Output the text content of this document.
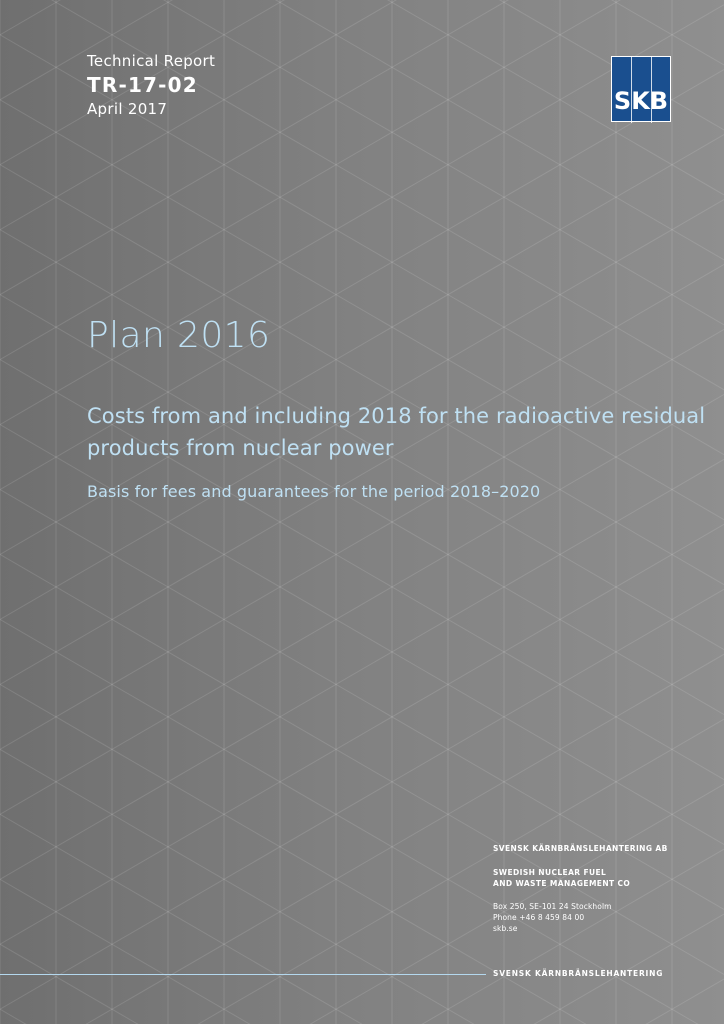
Technical Report
TR-17-02
April 2017	SKB
Plan 2016
Costs from and including 2018 for the radioactive residual products from nuclear power
Basis for fees and guarantees for the period 2018–2020
SVENSK KÄRNBRÄNSLEHANTERING AB
SWEDISH NUCLEAR FUEL
AND WASTE MANAGEMENT CO
Box 250, SE-101 24 Stockholm
Phone +46 8 459 84 00
skb.se
SVENSK KÄRNBRÄNSLEHANTERING
